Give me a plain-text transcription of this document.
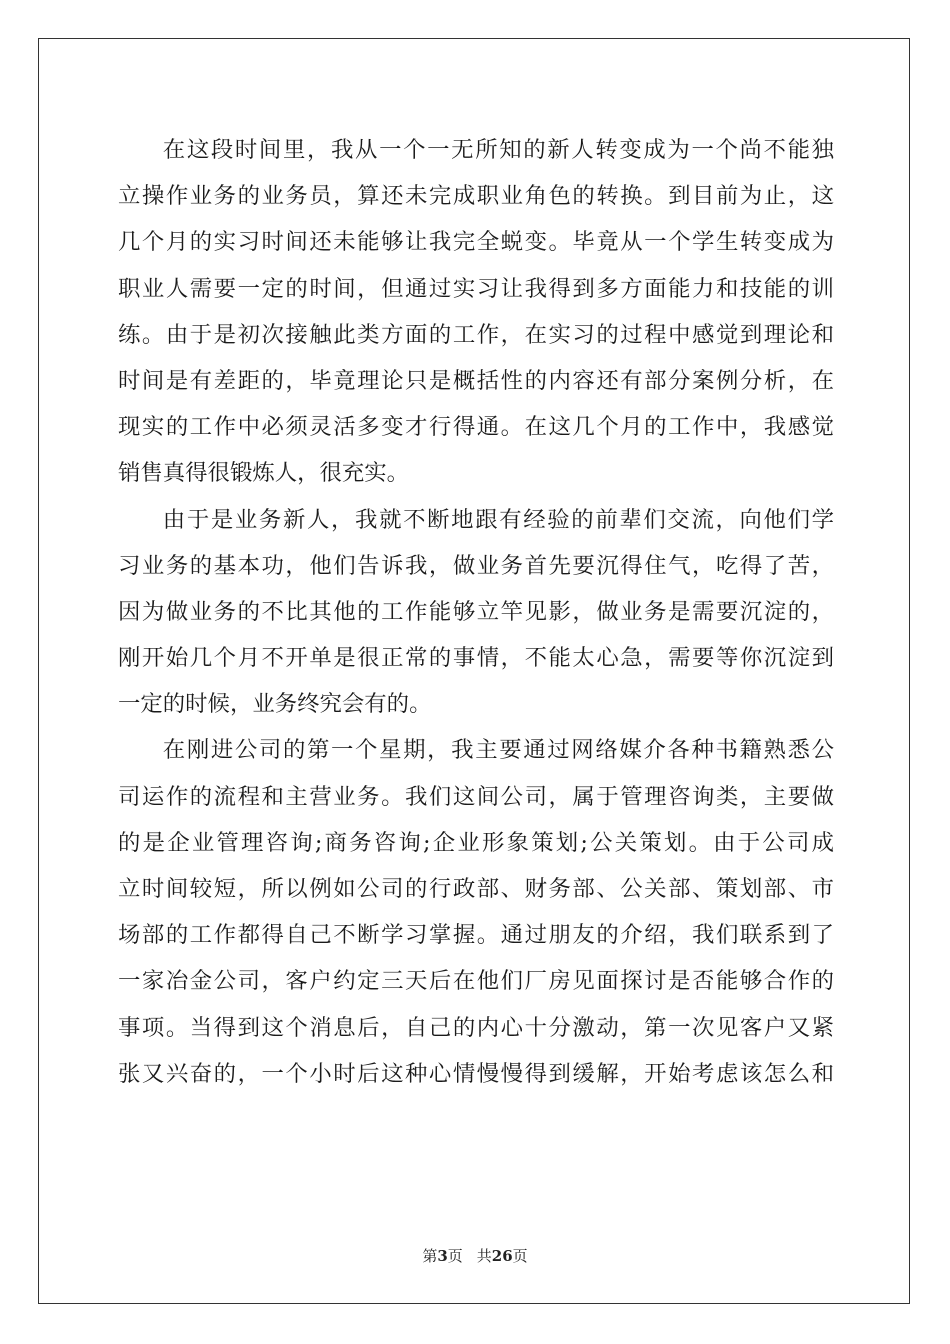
在这段时间里，我从一个一无所知的新人转变成为一个尚不能独
立操作业务的业务员，算还未完成职业角色的转换。到目前为止，这
几个月的实习时间还未能够让我完全蜕变。毕竟从一个学生转变成为
职业人需要一定的时间，但通过实习让我得到多方面能力和技能的训
练。由于是初次接触此类方面的工作，在实习的过程中感觉到理论和
时间是有差距的，毕竟理论只是概括性的内容还有部分案例分析，在
现实的工作中必须灵活多变才行得通。在这几个月的工作中，我感觉
销售真得很锻炼人，很充实。
由于是业务新人，我就不断地跟有经验的前辈们交流，向他们学
习业务的基本功，他们告诉我，做业务首先要沉得住气，吃得了苦，
因为做业务的不比其他的工作能够立竿见影，做业务是需要沉淀的，
刚开始几个月不开单是很正常的事情，不能太心急，需要等你沉淀到
一定的时候，业务终究会有的。
在刚进公司的第一个星期，我主要通过网络媒介各种书籍熟悉公
司运作的流程和主营业务。我们这间公司，属于管理咨询类，主要做
的是企业管理咨询;商务咨询;企业形象策划;公关策划。由于公司成
立时间较短，所以例如公司的行政部、财务部、公关部、策划部、市
场部的工作都得自己不断学习掌握。通过朋友的介绍，我们联系到了
一家冶金公司，客户约定三天后在他们厂房见面探讨是否能够合作的
事项。当得到这个消息后，自己的内心十分激动，第一次见客户又紧
张又兴奋的，一个小时后这种心情慢慢得到缓解，开始考虑该怎么和
第3页 共26页
